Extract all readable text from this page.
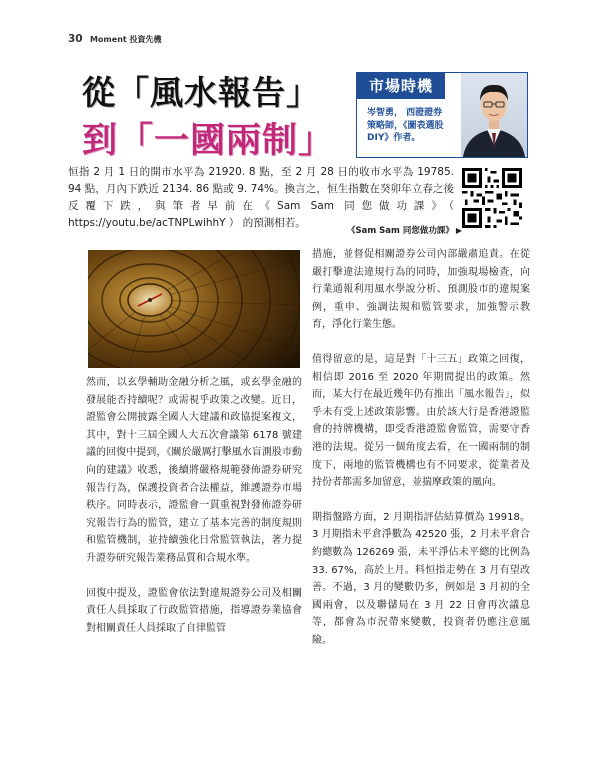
30 Moment 投資先機
從「風水報告」
到「一國兩制」
市場時機
岑智勇， 西證證券
策略師，《圖表選股
DIY》作者。
恒指 2 月 1 日的開市水平為 21920. 8 點，至 2 月 28 日的收市水平為 19785. 94 點，月內下跌近 2134. 86 點或 9. 74%。換言之，恒生指數在癸卯年立春之後反覆下跌，與筆者早前在《Sam Sam 同您做功課》（ https://youtu.be/acTNPLwihhY ） 的預測相若。
《Sam Sam 同您做功課》 ▶

然而，以玄學輔助金融分析之風，或玄學金融的發展能否持續呢？或需視乎政策之改變。近日，證監會公開披露全國人大建議和政協提案複文，其中，對十三屆全國人大五次會議第 6178 號建議的回復中提到，《關於嚴厲打擊風水盲測股市動向的建議》收悉，後續將嚴格規範發佈證券研究報告行為，保護投資者合法權益，維護證券市場秩序。同時表示，證監會一貫重視對發佈證券研究報告行為的監管，建立了基本完善的制度規則和監管機制，並持續強化日常監管執法，著力提升證券研究報告業務品質和合規水準。

回復中提及，證監會依法對違規證券公司及相關責任人員採取了行政監管措施，指導證券業協會對相關責任人員採取了自律監管

措施，並督促相關證券公司內部嚴肅追責。在從嚴打擊違法違規行為的同時，加強現場檢查，向行業通報利用風水學說分析、預測股市的違規案例，重申、強調法規和監管要求，加強警示教育，淨化行業生態。

值得留意的是，這是對「十三五」政策之回復，相信即 2016 至 2020 年期間提出的政策。然而，某大行在最近幾年仍有推出「風水報告」，似乎未有受上述政策影響。由於該大行是香港證監會的持牌機構，即受香港證監會監管，需要守香港的法規。從另一個角度去看，在一國兩制的制度下，兩地的監管機構也有不同要求，從業者及持份者都需多加留意，並揣摩政策的風向。

期指盤路方面，2 月期指評估結算價為 19918。3 月期指未平倉淨數為 42520 張，2 月未平倉合約總數為 126269 張，未平淨佔未平總的比例為 33. 67%，高於上月。料恒指走勢在 3 月有望改善。不過，3 月的變數仍多，例如是 3 月初的全國兩會，以及聯儲局在 3 月 22 日會再次議息等，都會為市況帶來變數，投資者仍應注意風險。
